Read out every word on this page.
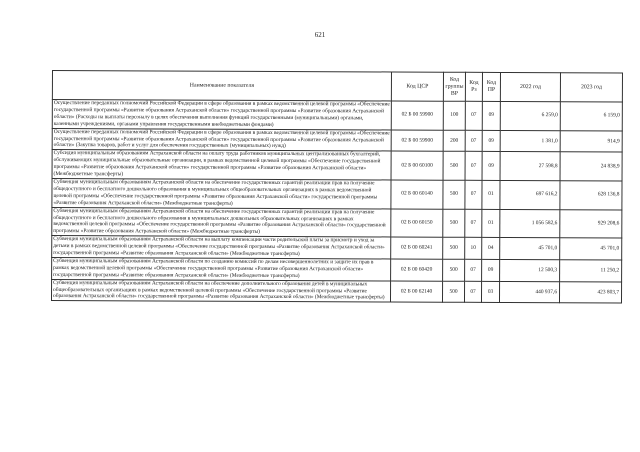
621
Наименование показателя	Код ЦСР	Код группы ВР	Код Рз	Код ПР	2022 год	2023 год
Осуществление переданных полномочий Российской Федерации в сфере образования в рамках ведомственной целевой программы «Обеспечение государственной программы «Развитие образования Астраханской области» государственной программы «Развитие образования Астраханской области» (Расходы на выплаты персоналу в целях обеспечения выполнения функций государственными (муниципальными) органами, казенными учреждениями, органами управления государственными внебюджетными фондами)	02 Б 00 59900	100	07	09	6 259,0	6 159,0
Осуществление переданных полномочий Российской Федерации в сфере образования в рамках ведомственной целевой программы «Обеспечение государственной программы «Развитие образования Астраханской области» государственной программы «Развитие образования Астраханской области» (Закупка товаров, работ и услуг для обеспечения государственных (муниципальных) нужд)	02 Б 00 59900	200	07	09	1 381,0	914,9
Субсидия муниципальным образованиям Астраханской области на оплату труда работников муниципальных централизованных бухгалтерий, обслуживающих муниципальные образовательные организации, в рамках ведомственной целевой программы «Обеспечение государственной программы «Развитие образования Астраханской области» государственной программы «Развитие образования Астраханской области» (Межбюджетные трансферты)	02 Б 00 60100	500	07	09	27 598,8	24 838,9
Субвенция муниципальным образованиям Астраханской области на обеспечение государственных гарантий реализации прав на получение общедоступного и бесплатного дошкольного образования в муниципальных общеобразовательных организациях в рамках ведомственной целевой программы «Обеспечение государственной программы «Развитие образования Астраханской области» государственной программы «Развитие образования Астраханской области» (Межбюджетные трансферты)	02 Б 00 60140	500	07	01	697 616,2	628 136,8
Субвенция муниципальным образованиям Астраханской области на обеспечение государственных гарантий реализации прав на получение общедоступного и бесплатного дошкольного образования в муниципальных дошкольных образовательных организациях в рамках ведомственной целевой программы «Обеспечение государственной программы «Развитие образования Астраханской области» государственной программы «Развитие образования Астраханской области» (Межбюджетные трансферты)	02 Б 00 60150	500	07	01	1 056 582,6	929 208,6
Субвенция муниципальным образованиям Астраханской области на выплату компенсации части родительской платы за присмотр и уход за детьми в рамках ведомственной целевой программы «Обеспечение государственной программы «Развитие образования Астраханской области» государственной программы «Развитие образования Астраханской области» (Межбюджетные трансферты)	02 Б 00 60241	500	10	04	45 701,0	45 701,0
Субвенция муниципальным образованиям Астраханской области по созданию комиссий по делам несовершеннолетних и защите их прав в рамках ведомственной целевой программы «Обеспечение государственной программы «Развитие образования Астраханской области» государственной программы «Развитие образования Астраханской области» (Межбюджетные трансферты)	02 Б 00 60420	500	07	09	12 500,3	11 250,2
Субвенция муниципальным образованиям Астраханской области на обеспечение дополнительного образования детей в муниципальных общеобразовательных организациях в рамках ведомственной целевой программы «Обеспечение государственной программы «Развитие образования Астраханской области» государственной программы «Развитие образования Астраханской области» (Межбюджетные трансферты)	02 Б 00 62140	500	07	03	440 937,6	423 803,7
